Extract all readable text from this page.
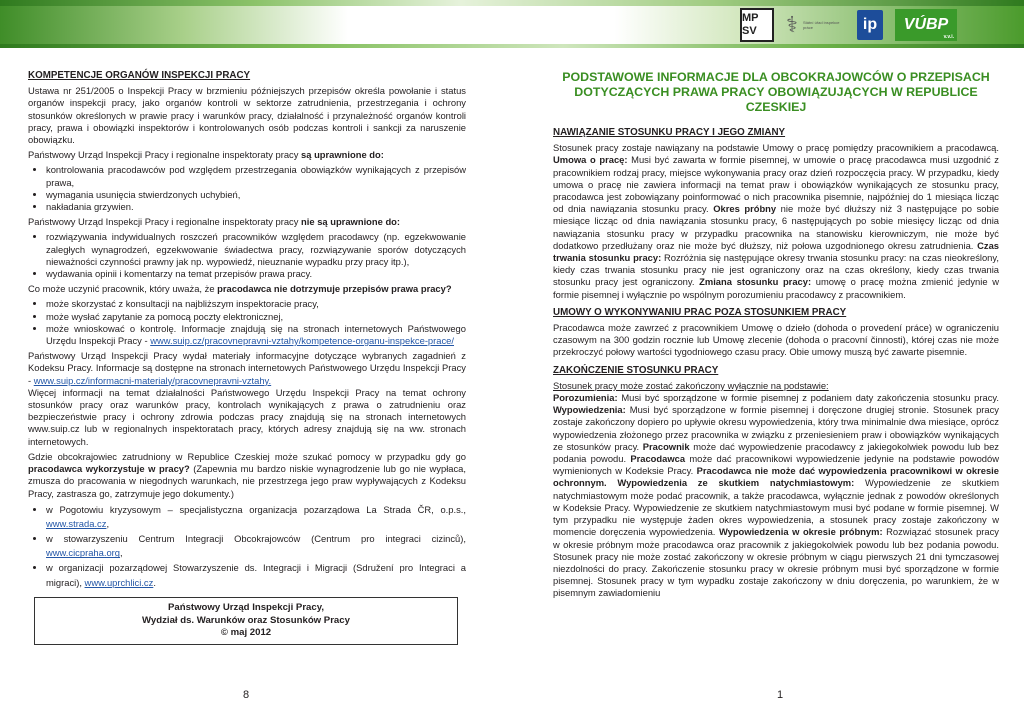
MP SV	⚕	Státní úřad inspekce práce	ip	VÚBP
v.v.i.
KOMPETENCJE ORGANÓW INSPEKCJI PRACY

Ustawa nr 251/2005 o Inspekcji Pracy w brzmieniu późniejszych przepisów określa powołanie i status organów inspekcji pracy, jako organów kontroli w sektorze zatrudnienia, przestrzegania i ochrony stosunków określonych w prawie pracy i warunków pracy, działalność i przynależność organów kontroli pracy, prawa i obowiązki inspektorów i kontrolowanych osób podczas kontroli i sankcji za naruszenie obowiązku.

Państwowy Urząd Inspekcji Pracy i regionalne inspektoraty pracy są uprawnione do:

• kontrolowania pracodawców pod względem przestrzegania obowiązków wynikających z przepisów prawa,
• wymagania usunięcia stwierdzonych uchybień,
• nakładania grzywien.

Państwowy Urząd Inspekcji Pracy i regionalne inspektoraty pracy nie są uprawnione do:

• rozwiązywania indywidualnych roszczeń pracowników względem pracodawcy (np. egzekwowanie zaległych wynagrodzeń, egzekwowanie świadectwa pracy, rozwiązywanie sporów dotyczących nieważności czynności prawny jak np. wypowiedź, nieuznanie wypadku przy pracy itp.),
• wydawania opinii i komentarzy na temat przepisów prawa pracy.

Co może uczynić pracownik, który uważa, że pracodawca nie dotrzymuje przepisów prawa pracy?

• może skorzystać z konsultacji na najbliższym inspektoracie pracy,
• może wysłać zapytanie za pomocą poczty elektronicznej,
• może wnioskować o kontrolę. Informacje znajdują się na stronach internetowych Państwowego Urzędu Inspekcji Pracy - www.suip.cz/pracovnepravni-vztahy/kompetence-organu-inspekce-prace/

Państwowy Urząd Inspekcji Pracy wydał materiały informacyjne dotyczące wybranych zagadnień z Kodeksu Pracy. Informacje są dostępne na stronach internetowych Państwowego Urzędu Inspekcji Pracy - www.suip.cz/informacni-materialy/pracovnepravni-vztahy.

Więcej informacji na temat działalności Państwowego Urzędu Inspekcji Pracy na temat ochrony stosunków pracy oraz warunków pracy, kontrolach wynikających z prawa o zatrudnieniu oraz bezpieczeństwie pracy i ochrony zdrowia podczas pracy znajdują się na stronach internetowych www.suip.cz lub w regionalnych inspektoratach pracy, których adresy znajdują się na ww. stronach internetowych.

Gdzie obcokrajowiec zatrudniony w Republice Czeskiej może szukać pomocy w przypadku gdy go pracodawca wykorzystuje w pracy? (Zapewnia mu bardzo niskie wynagrodzenie lub go nie wypłaca, zmusza do pracowania w niegodnych warunkach, nie przestrzega jego praw wypływających z Kodeksu Pracy, zastrasza go, zatrzymuje jego dokumenty.)

• w Pogotowiu kryzysowym – specjalistyczna organizacja pozarządowa La Strada ČR, o.p.s., www.strada.cz,
• w stowarzyszeniu Centrum Integracji Obcokrajowców (Centrum pro integraci cizinců), www.cicpraha.org,
• w organizacji pozarządowej Stowarzyszenie ds. Integracji i Migracji (Sdružení pro Integraci a migraci), www.uprchlici.cz.
Państwowy Urząd Inspekcji Pracy,
Wydział ds. Warunków oraz Stosunków Pracy
© maj 2012
8
PODSTAWOWE INFORMACJE DLA OBCOKRAJOWCÓW O PRZEPISACH DOTYCZĄCYCH PRAWA PRACY OBOWIĄZUJĄCYCH W REPUBLICE CZESKIEJ
NAWIĄZANIE STOSUNKU PRACY I JEGO ZMIANY

Stosunek pracy zostaje nawiązany na podstawie Umowy o pracę pomiędzy pracownikiem a pracodawcą. Umowa o pracę: Musi być zawarta w formie pisemnej, w umowie o pracę pracodawca musi uzgodnić z pracownikiem rodzaj pracy, miejsce wykonywania pracy oraz dzień rozpoczęcia pracy. W przypadku, kiedy umowa o pracę nie zawiera informacji na temat praw i obowiązków wynikających ze stosunku pracy, pracodawca jest zobowiązany poinformować o nich pracownika pisemnie, najpóźniej do 1 miesiąca licząc od dnia nawiązania stosunku pracy. Okres próbny nie może być dłuższy niż 3 następujące po sobie miesiące licząc od dnia nawiązania stosunku pracy, 6 następujących po sobie miesięcy licząc od dnia nawiązania stosunku pracy w przypadku pracownika na stanowisku kierowniczym, nie może być dodatkowo przedłużany oraz nie może być dłuższy, niż połowa uzgodnionego okresu zatrudnienia. Czas trwania stosunku pracy: Rozróżnia się następujące okresy trwania stosunku pracy: na czas nieokreślony, kiedy czas trwania stosunku pracy nie jest ograniczony oraz na czas określony, kiedy czas trwania stosunku pracy jest ograniczony. Zmiana stosunku pracy: umowę o pracę można zmienić jedynie w formie pisemnej i wyłącznie po wspólnym porozumieniu pracodawcy z pracownikiem.

UMOWY O WYKONYWANIU PRAC POZA STOSUNKIEM PRACY

Pracodawca może zawrzeć z pracownikiem Umowę o dzieło (dohoda o provedení práce) w ograniczeniu czasowym na 300 godzin rocznie lub Umowę zlecenie (dohoda o pracovní činnosti), której czas nie może przekroczyć połowy wartości tygodniowego czasu pracy. Obie umowy muszą być zawarte pisemnie.

ZAKOŃCZENIE STOSUNKU PRACY

Stosunek pracy może zostać zakończony wyłącznie na podstawie:

Porozumienia: Musi być sporządzone w formie pisemnej z podaniem daty zakończenia stosunku pracy. Wypowiedzenia: Musi być sporządzone w formie pisemnej i doręczone drugiej stronie. Stosunek pracy zostaje zakończony dopiero po upływie okresu wypowiedzenia, który trwa minimalnie dwa miesiące, oprócz wypowiedzenia złożonego przez pracownika w związku z przeniesieniem praw i obowiązków wynikających ze stosunków pracy. Pracownik może dać wypowiedzenie pracodawcy z jakiegokolwiek powodu lub bez podania powodu. Pracodawca może dać pracownikowi wypowiedzenie jedynie na podstawie powodów wymienionych w Kodeksie Pracy. Pracodawca nie może dać wypowiedzenia pracownikowi w okresie ochronnym. Wypowiedzenia ze skutkiem natychmiastowym: Wypowiedzenie ze skutkiem natychmiastowym może podać pracownik, a także pracodawca, wyłącznie jednak z powodów określonych w Kodeksie Pracy. Wypowiedzenie ze skutkiem natychmiastowym musi być podane w formie pisemnej. W tym przypadku nie występuje żaden okres wypowiedzenia, a stosunek pracy zostaje zakończony w momencie doręczenia wypowiedzenia. Wypowiedzenia w okresie próbnym: Rozwiązać stosunek pracy w okresie próbnym może pracodawca oraz pracownik z jakiegokolwiek powodu lub bez podania powodu. Stosunek pracy nie może zostać zakończony w okresie próbnym w ciągu pierwszych 21 dni tymczasowej niezdolności do pracy. Zakończenie stosunku pracy w okresie próbnym musi być sporządzone w formie pisemnej. Stosunek pracy w tym wypadku zostaje zakończony w dniu doręczenia, po warunkiem, że w pisemnym zawiadomieniu

1
